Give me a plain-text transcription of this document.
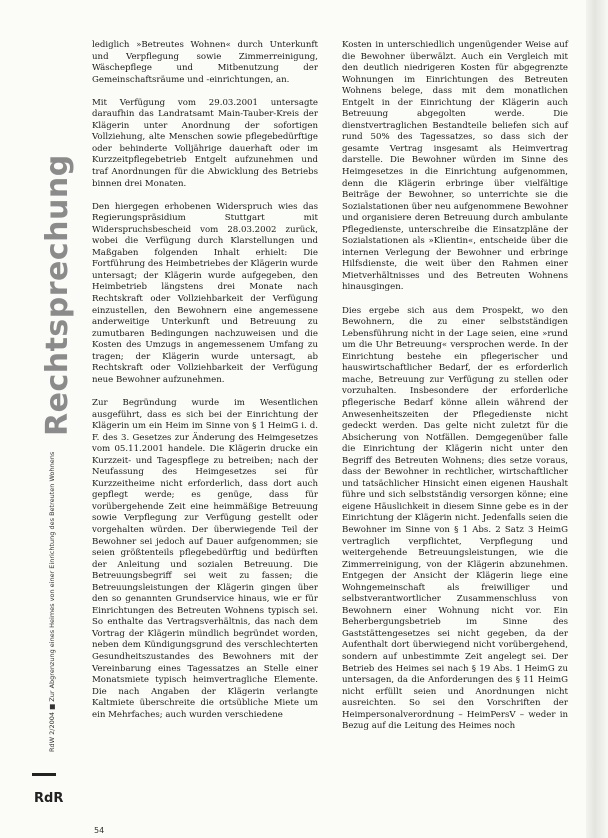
Rechtsprechung
RdW 2/2004 ■ Zur Abgrenzung eines Heimes von einer Einrichtung des Betreuten Wohnens
RdR

lediglich »Betreutes Wohnen« durch Unterkunft und Verpflegung sowie Zimmerreinigung, Wäschepflege und Mitbenutzung der Gemeinschaftsräume und -einrichtungen, an.

Mit Verfügung vom 29.03.2001 untersagte daraufhin das Landratsamt Main-Tauber-Kreis der Klägerin unter Anordnung der sofortigen Vollziehung, alte Menschen sowie pflegebedürftige oder behinderte Volljährige dauerhaft oder im Kurzzeitpflegebetrieb Entgelt aufzunehmen und traf Anordnungen für die Abwicklung des Betriebs binnen drei Monaten.

Den hiergegen erhobenen Widerspruch wies das Regierungspräsidium Stuttgart mit Widerspruchsbescheid vom 28.03.2002 zurück, wobei die Verfügung durch Klarstellungen und Maßgaben folgenden Inhalt erhielt: Die Fortführung des Heimbetriebes der Klägerin wurde untersagt; der Klägerin wurde aufgegeben, den Heimbetrieb längstens drei Monate nach Rechtskraft oder Vollziehbarkeit der Verfügung einzustellen, den Bewohnern eine angemessene anderweitige Unterkunft und Betreuung zu zumutbaren Bedingungen nachzuweisen und die Kosten des Umzugs in angemessenem Umfang zu tragen; der Klägerin wurde untersagt, ab Rechtskraft oder Vollziehbarkeit der Verfügung neue Bewohner aufzunehmen.

Zur Begründung wurde im Wesentlichen ausgeführt, dass es sich bei der Einrichtung der Klägerin um ein Heim im Sinne von § 1 HeimG i. d. F. des 3. Gesetzes zur Änderung des Heimgesetzes vom 05.11.2001 handele. Die Klägerin drucke ein Kurzzeit- und Tagespflege zu betreiben; nach der Neufassung des Heimgesetzes sei für Kurzzeitheime nicht erforderlich, dass dort auch gepflegt werde; es genüge, dass für vorübergehende Zeit eine heimmäßige Betreuung sowie Verpflegung zur Verfügung gestellt oder vorgehalten würden. Der überwiegende Teil der Bewohner sei jedoch auf Dauer aufgenommen; sie seien größtenteils pflegebedürftig und bedürften der Anleitung und sozialen Betreuung. Die Betreuungsbegriff sei weit zu fassen; die Betreuungsleistungen der Klägerin gingen über den so genannten Grundservice hinaus, wie er für Einrichtungen des Betreuten Wohnens typisch sei. So enthalte das Vertragsverhältnis, das nach dem Vortrag der Klägerin mündlich begründet worden, neben dem Kündigungsgrund des verschlechterten Gesundheitszustandes des Bewohners mit der Vereinbarung eines Tagessatzes an Stelle einer Monatsmiete typisch heimvertragliche Elemente. Die nach Angaben der Klägerin verlangte Kaltmiete überschreite die ortsübliche Miete um ein Mehrfaches; auch wurden verschiedene

Kosten in unterschiedlich ungenügender Weise auf die Bewohner überwälzt. Auch ein Vergleich mit den deutlich niedrigeren Kosten für abgegrenzte Wohnungen im Einrichtungen des Betreuten Wohnens belege, dass mit dem monatlichen Entgelt in der Einrichtung der Klägerin auch Betreuung abgegolten werde. Die dienstvertraglichen Bestandteile beliefen sich auf rund 50% des Tagessatzes, so dass sich der gesamte Vertrag insgesamt als Heimvertrag darstelle. Die Bewohner würden im Sinne des Heimgesetzes in die Einrichtung aufgenommen, denn die Klägerin erbringe über vielfältige Beiträge der Bewohner, so unterrichte sie die Sozialstationen über neu aufgenommene Bewohner und organisiere deren Betreuung durch ambulante Pflegedienste, unterschreibe die Einsatzpläne der Sozialstationen als »Klientin«, entscheide über die internen Verlegung der Bewohner und erbringe Hilfsdienste, die weit über den Rahmen einer Mietverhältnisses und des Betreuten Wohnens hinausgingen.

Dies ergebe sich aus dem Prospekt, wo den Bewohnern, die zu einer selbstständigen Lebensführung nicht in der Lage seien, eine »rund um die Uhr Betreuung« versprochen werde. In der Einrichtung bestehe ein pflegerischer und hauswirtschaftlicher Bedarf, der es erforderlich mache, Betreuung zur Verfügung zu stellen oder vorzuhalten. Insbesondere der erforderliche pflegerische Bedarf könne allein während der Anwesenheitszeiten der Pflegedienste nicht gedeckt werden. Das gelte nicht zuletzt für die Absicherung von Notfällen. Demgegenüber falle die Einrichtung der Klägerin nicht unter den Begriff des Betreuten Wohnens; dies setze voraus, dass der Bewohner in rechtlicher, wirtschaftlicher und tatsächlicher Hinsicht einen eigenen Haushalt führe und sich selbstständig versorgen könne; eine eigene Häuslichkeit in diesem Sinne gebe es in der Einrichtung der Klägerin nicht. Jedenfalls seien die Bewohner im Sinne von § 1 Abs. 2 Satz 3 HeimG vertraglich verpflichtet, Verpflegung und weitergehende Betreuungsleistungen, wie die Zimmerreinigung, von der Klägerin abzunehmen. Entgegen der Ansicht der Klägerin liege eine Wohngemeinschaft als freiwilliger und selbstverantwortlicher Zusammenschluss von Bewohnern einer Wohnung nicht vor. Ein Beherbergungsbetrieb im Sinne des Gaststättengesetzes sei nicht gegeben, da der Aufenthalt dort überwiegend nicht vorübergehend, sondern auf unbestimmte Zeit angelegt sei. Der Betrieb des Heimes sei nach § 19 Abs. 1 HeimG zu untersagen, da die Anforderungen des § 11 HeimG nicht erfüllt seien und Anordnungen nicht ausreichten. So sei den Vorschriften der Heimpersonalverordnung – HeimPersV – weder in Bezug auf die Leitung des Heimes noch

54
